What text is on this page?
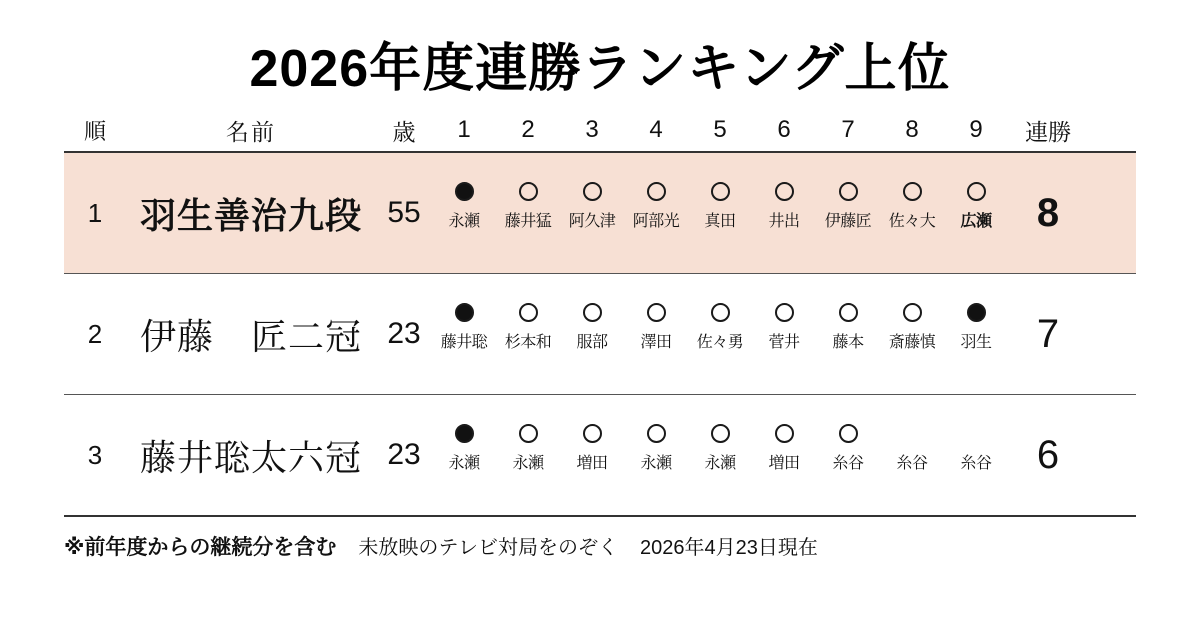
2026年度連勝ランキング上位
順	名前	歳	1	2	3	4	5	6	7	8	9	連勝
1	羽生善治九段 55	永瀬 藤井猛 阿久津 阿部光 真田 井出 伊藤匠 佐々大 広瀬	8
2	伊藤　匠二冠 23	藤井聡 杉本和 服部 澤田 佐々勇 菅井 藤本 斎藤慎 羽生	7
3	藤井聡太六冠 23	永瀬 永瀬 増田 永瀬 永瀬 増田 糸谷 糸谷 糸谷	6
※前年度からの継続分を含む 未放映のテレビ対局をのぞく 2026年4月23日現在
